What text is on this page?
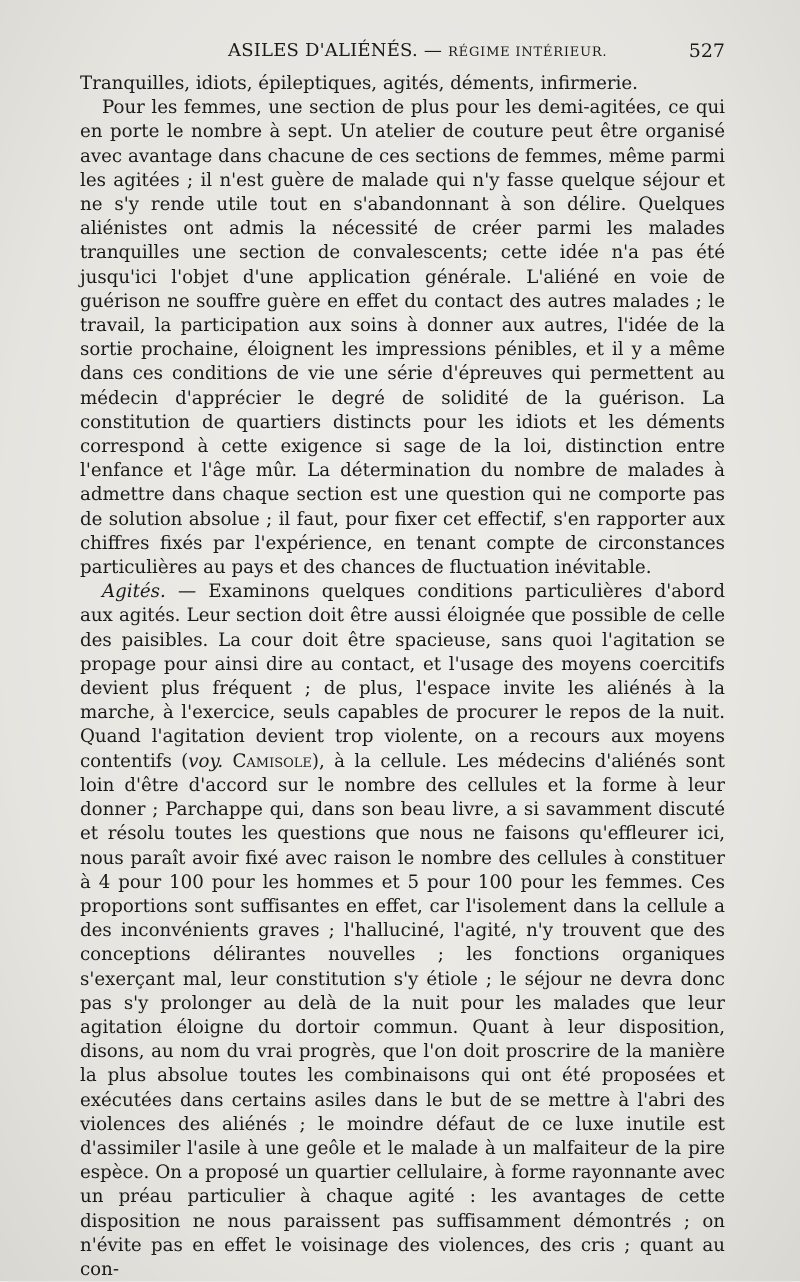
ASILES D'ALIÉNÉS. — RÉGIME INTÉRIEUR.	527

Tranquilles, idiots, épileptiques, agités, déments, infirmerie.

Pour les femmes, une section de plus pour les demi-agitées, ce qui en porte le nombre à sept. Un atelier de couture peut être organisé avec avantage dans chacune de ces sections de femmes, même parmi les agitées ; il n'est guère de malade qui n'y fasse quelque séjour et ne s'y rende utile tout en s'abandonnant à son délire. Quelques aliénistes ont admis la nécessité de créer parmi les malades tranquilles une section de convalescents; cette idée n'a pas été jusqu'ici l'objet d'une application générale. L'aliéné en voie de guérison ne souffre guère en effet du contact des autres malades ; le travail, la participation aux soins à donner aux autres, l'idée de la sortie prochaine, éloignent les impressions pénibles, et il y a même dans ces conditions de vie une série d'épreuves qui permettent au médecin d'apprécier le degré de solidité de la guérison. La constitution de quartiers distincts pour les idiots et les déments correspond à cette exigence si sage de la loi, distinction entre l'enfance et l'âge mûr. La détermination du nombre de malades à admettre dans chaque section est une question qui ne comporte pas de solution absolue ; il faut, pour fixer cet effectif, s'en rapporter aux chiffres fixés par l'expérience, en tenant compte de circonstances particulières au pays et des chances de fluctuation inévitable.

Agités. — Examinons quelques conditions particulières d'abord aux agités. Leur section doit être aussi éloignée que possible de celle des paisibles. La cour doit être spacieuse, sans quoi l'agitation se propage pour ainsi dire au contact, et l'usage des moyens coercitifs devient plus fréquent ; de plus, l'espace invite les aliénés à la marche, à l'exercice, seuls capables de procurer le repos de la nuit. Quand l'agitation devient trop violente, on a recours aux moyens contentifs (voy. Camisole), à la cellule. Les médecins d'aliénés sont loin d'être d'accord sur le nombre des cellules et la forme à leur donner ; Parchappe qui, dans son beau livre, a si savamment discuté et résolu toutes les questions que nous ne faisons qu'effleurer ici, nous paraît avoir fixé avec raison le nombre des cellules à constituer à 4 pour 100 pour les hommes et 5 pour 100 pour les femmes. Ces proportions sont suffisantes en effet, car l'isolement dans la cellule a des inconvénients graves ; l'halluciné, l'agité, n'y trouvent que des conceptions délirantes nouvelles ; les fonctions organiques s'exerçant mal, leur constitution s'y étiole ; le séjour ne devra donc pas s'y prolonger au delà de la nuit pour les malades que leur agitation éloigne du dortoir commun. Quant à leur disposition, disons, au nom du vrai progrès, que l'on doit proscrire de la manière la plus absolue toutes les combinaisons qui ont été proposées et exécutées dans certains asiles dans le but de se mettre à l'abri des violences des aliénés ; le moindre défaut de ce luxe inutile est d'assimiler l'asile à une geôle et le malade à un malfaiteur de la pire espèce. On a proposé un quartier cellulaire, à forme rayonnante avec un préau particulier à chaque agité : les avantages de cette disposition ne nous paraissent pas suffisamment démontrés ; on n'évite pas en effet le voisinage des violences, des cris ; quant au con-
